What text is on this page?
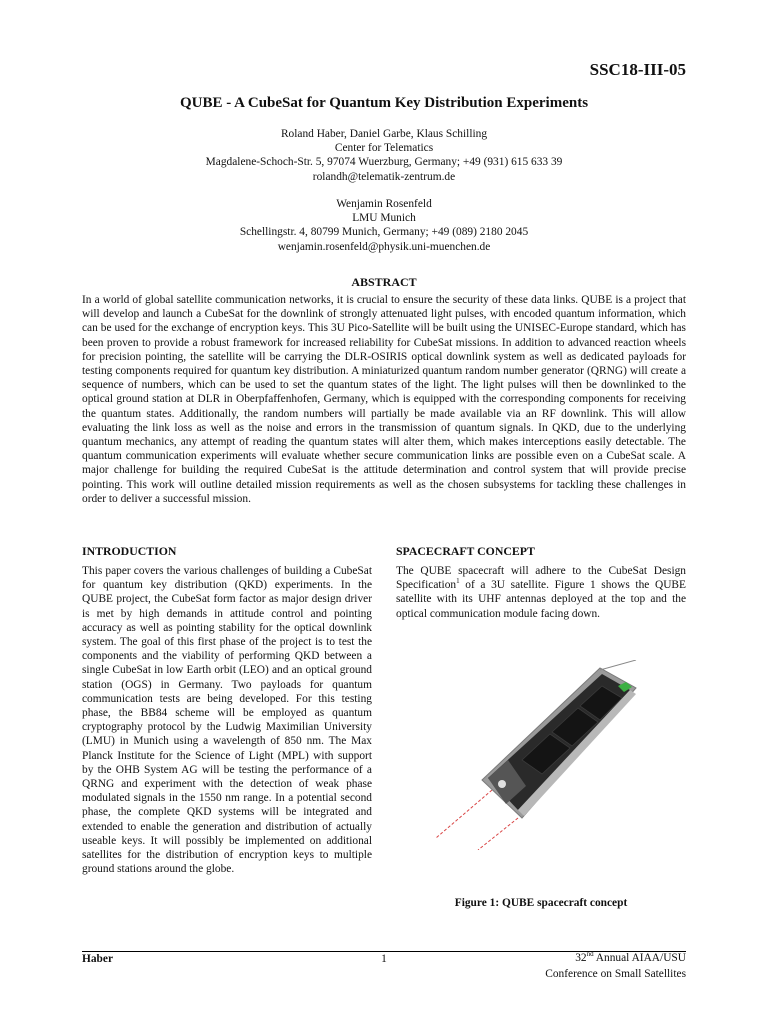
SSC18-III-05
QUBE - A CubeSat for Quantum Key Distribution Experiments
Roland Haber, Daniel Garbe, Klaus Schilling
Center for Telematics
Magdalene-Schoch-Str. 5, 97074 Wuerzburg, Germany; +49 (931) 615 633 39
rolandh@telematik-zentrum.de
Wenjamin Rosenfeld
LMU Munich
Schellingstr. 4, 80799 Munich, Germany; +49 (089) 2180 2045
wenjamin.rosenfeld@physik.uni-muenchen.de
ABSTRACT
In a world of global satellite communication networks, it is crucial to ensure the security of these data links. QUBE is a project that will develop and launch a CubeSat for the downlink of strongly attenuated light pulses, with encoded quantum information, which can be used for the exchange of encryption keys. This 3U Pico-Satellite will be built using the UNISEC-Europe standard, which has been proven to provide a robust framework for increased reliability for CubeSat missions. In addition to advanced reaction wheels for precision pointing, the satellite will be carrying the DLR-OSIRIS optical downlink system as well as dedicated payloads for testing components required for quantum key distribution. A miniaturized quantum random number generator (QRNG) will create a sequence of numbers, which can be used to set the quantum states of the light. The light pulses will then be downlinked to the optical ground station at DLR in Oberpfaffenhofen, Germany, which is equipped with the corresponding components for receiving the quantum states. Additionally, the random numbers will partially be made available via an RF downlink. This will allow evaluating the link loss as well as the noise and errors in the transmission of quantum signals. In QKD, due to the underlying quantum mechanics, any attempt of reading the quantum states will alter them, which makes interceptions easily detectable. The quantum communication experiments will evaluate whether secure communication links are possible even on a CubeSat scale. A major challenge for building the required CubeSat is the attitude determination and control system that will provide precise pointing. This work will outline detailed mission requirements as well as the chosen subsystems for tackling these challenges in order to deliver a successful mission.
INTRODUCTION
This paper covers the various challenges of building a CubeSat for quantum key distribution (QKD) experiments. In the QUBE project, the CubeSat form factor as major design driver is met by high demands in attitude control and pointing accuracy as well as pointing stability for the optical downlink system. The goal of this first phase of the project is to test the components and the viability of performing QKD between a single CubeSat in low Earth orbit (LEO) and an optical ground station (OGS) in Germany. Two payloads for quantum communication tests are being developed. For this testing phase, the BB84 scheme will be employed as quantum cryptography protocol by the Ludwig Maximilian University (LMU) in Munich using a wavelength of 850 nm. The Max Planck Institute for the Science of Light (MPL) with support by the OHB System AG will be testing the performance of a QRNG and experiment with the detection of weak phase modulated signals in the 1550 nm range. In a potential second phase, the complete QKD systems will be integrated and extended to enable the generation and distribution of actually useable keys. It will possibly be implemented on additional satellites for the distribution of encryption keys to multiple ground stations around the globe.
SPACECRAFT CONCEPT
The QUBE spacecraft will adhere to the CubeSat Design Specification$^1$ of a 3U satellite. Figure 1 shows the QUBE satellite with its UHF antennas deployed at the top and the optical communication module facing down.
Figure 1: QUBE spacecraft concept
Haber	1	32nd Annual AIAA/USU
Conference on Small Satellites
